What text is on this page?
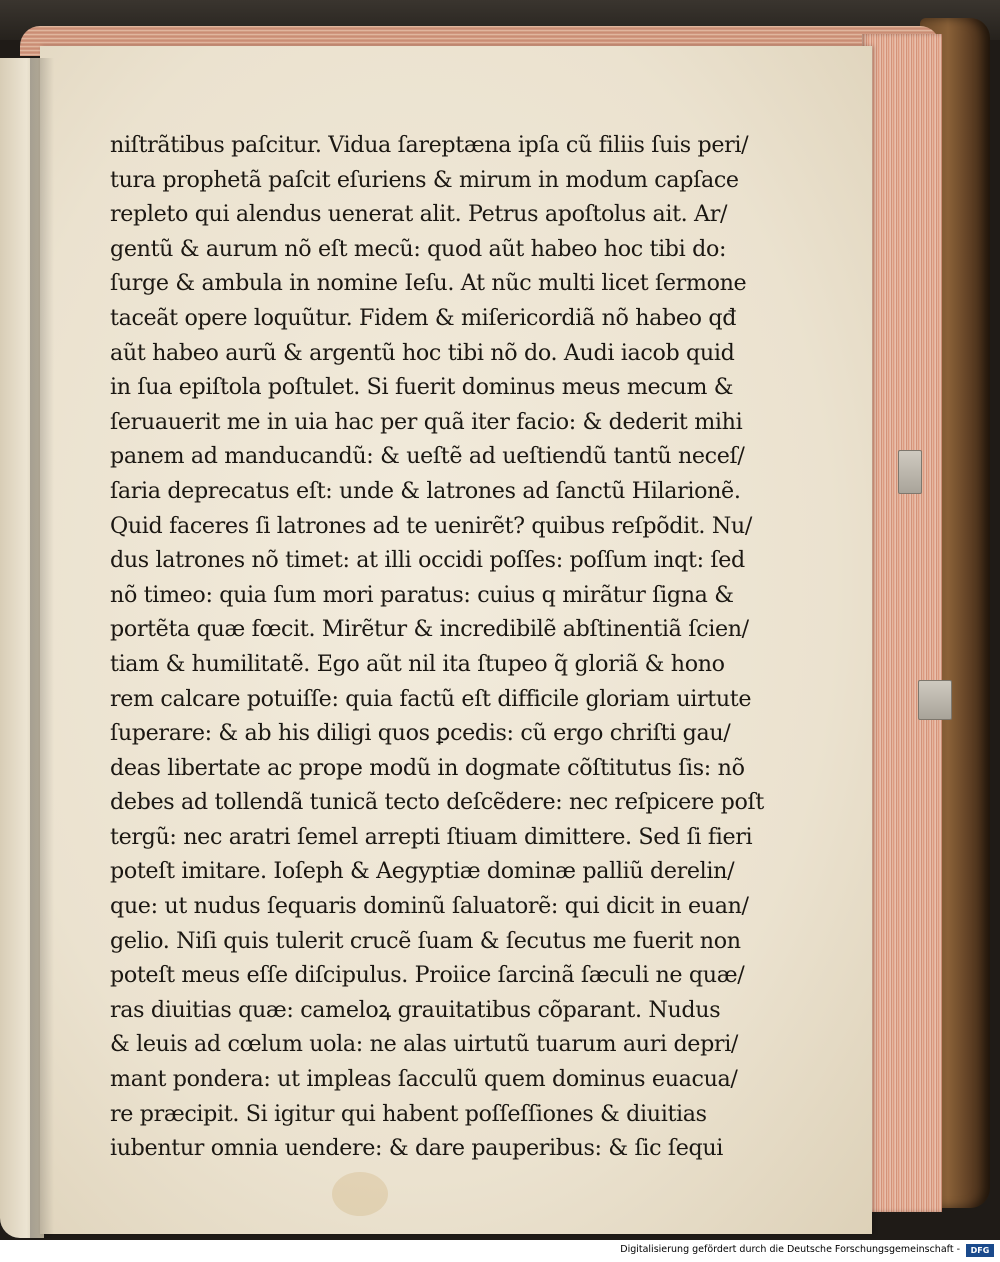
niſtrãtibus paſcitur. Vidua ſareptæna ipſa cũ filiis ſuis peri/
tura prophetã paſcit eſuriens & mirum in modum capſace
repleto qui alendus uenerat alit. Petrus apoſtolus ait. Ar/
gentũ & aurum nõ eſt mecũ: quod aũt habeo hoc tibi do:
ſurge & ambula in nomine Ieſu. At nũc multi licet ſermone
taceãt opere loquũtur. Fidem & miſericordiã nõ habeo qđ
aũt habeo aurũ & argentũ hoc tibi nõ do. Audi iacob quid
in ſua epiſtola poſtulet. Si fuerit dominus meus mecum &
ſeruauerit me in uia hac per quã iter facio: & dederit mihi
panem ad manducandũ: & ueſtẽ ad ueſtiendũ tantũ neceſ/
ſaria deprecatus eſt: unde & latrones ad ſanctũ Hilarionẽ.
Quid faceres ſi latrones ad te uenirẽt? quibus reſpõdit. Nu/
dus latrones nõ timet: at illi occidi poſſes: poſſum inqt: ſed
nõ timeo: quia ſum mori paratus: cuius q mirãtur ſigna &
portẽta quæ fœcit. Mirẽtur & incredibilẽ abſtinentiã ſcien/
tiam & humilitatẽ. Ego aũt nil ita ſtupeo q̃ gloriã & hono
rem calcare potuiſſe: quia factũ eſt difficile gloriam uirtute
ſuperare: & ab his diligi quos ꝑcedis: cũ ergo chriſti gau/
deas libertate ac prope modũ in dogmate cõſtitutus ſis: nõ
debes ad tollendã tunicã tecto deſcẽdere: nec reſpicere poſt
tergũ: nec aratri ſemel arrepti ſtiuam dimittere. Sed ſi fieri
poteſt imitare. Ioſeph & Aegyptiæ dominæ palliũ derelin/
que: ut nudus ſequaris dominũ ſaluatorẽ: qui dicit in euan/
gelio. Niſi quis tulerit crucẽ ſuam & ſecutus me fuerit non
poteſt meus eſſe diſcipulus. Proiice ſarcinã ſæculi ne quæ/
ras diuitias quæ: cameloꝝ grauitatibus cõparant. Nudus
& leuis ad cœlum uola: ne alas uirtutũ tuarum auri depri/
mant pondera: ut impleas ſacculũ quem dominus euacua/
re præcipit. Si igitur qui habent poſſeſſiones & diuitias
iubentur omnia uendere: & dare pauperibus: & ſic ſequi
Digitalisierung gefördert durch die Deutsche Forschungsgemeinschaft -	DFG
